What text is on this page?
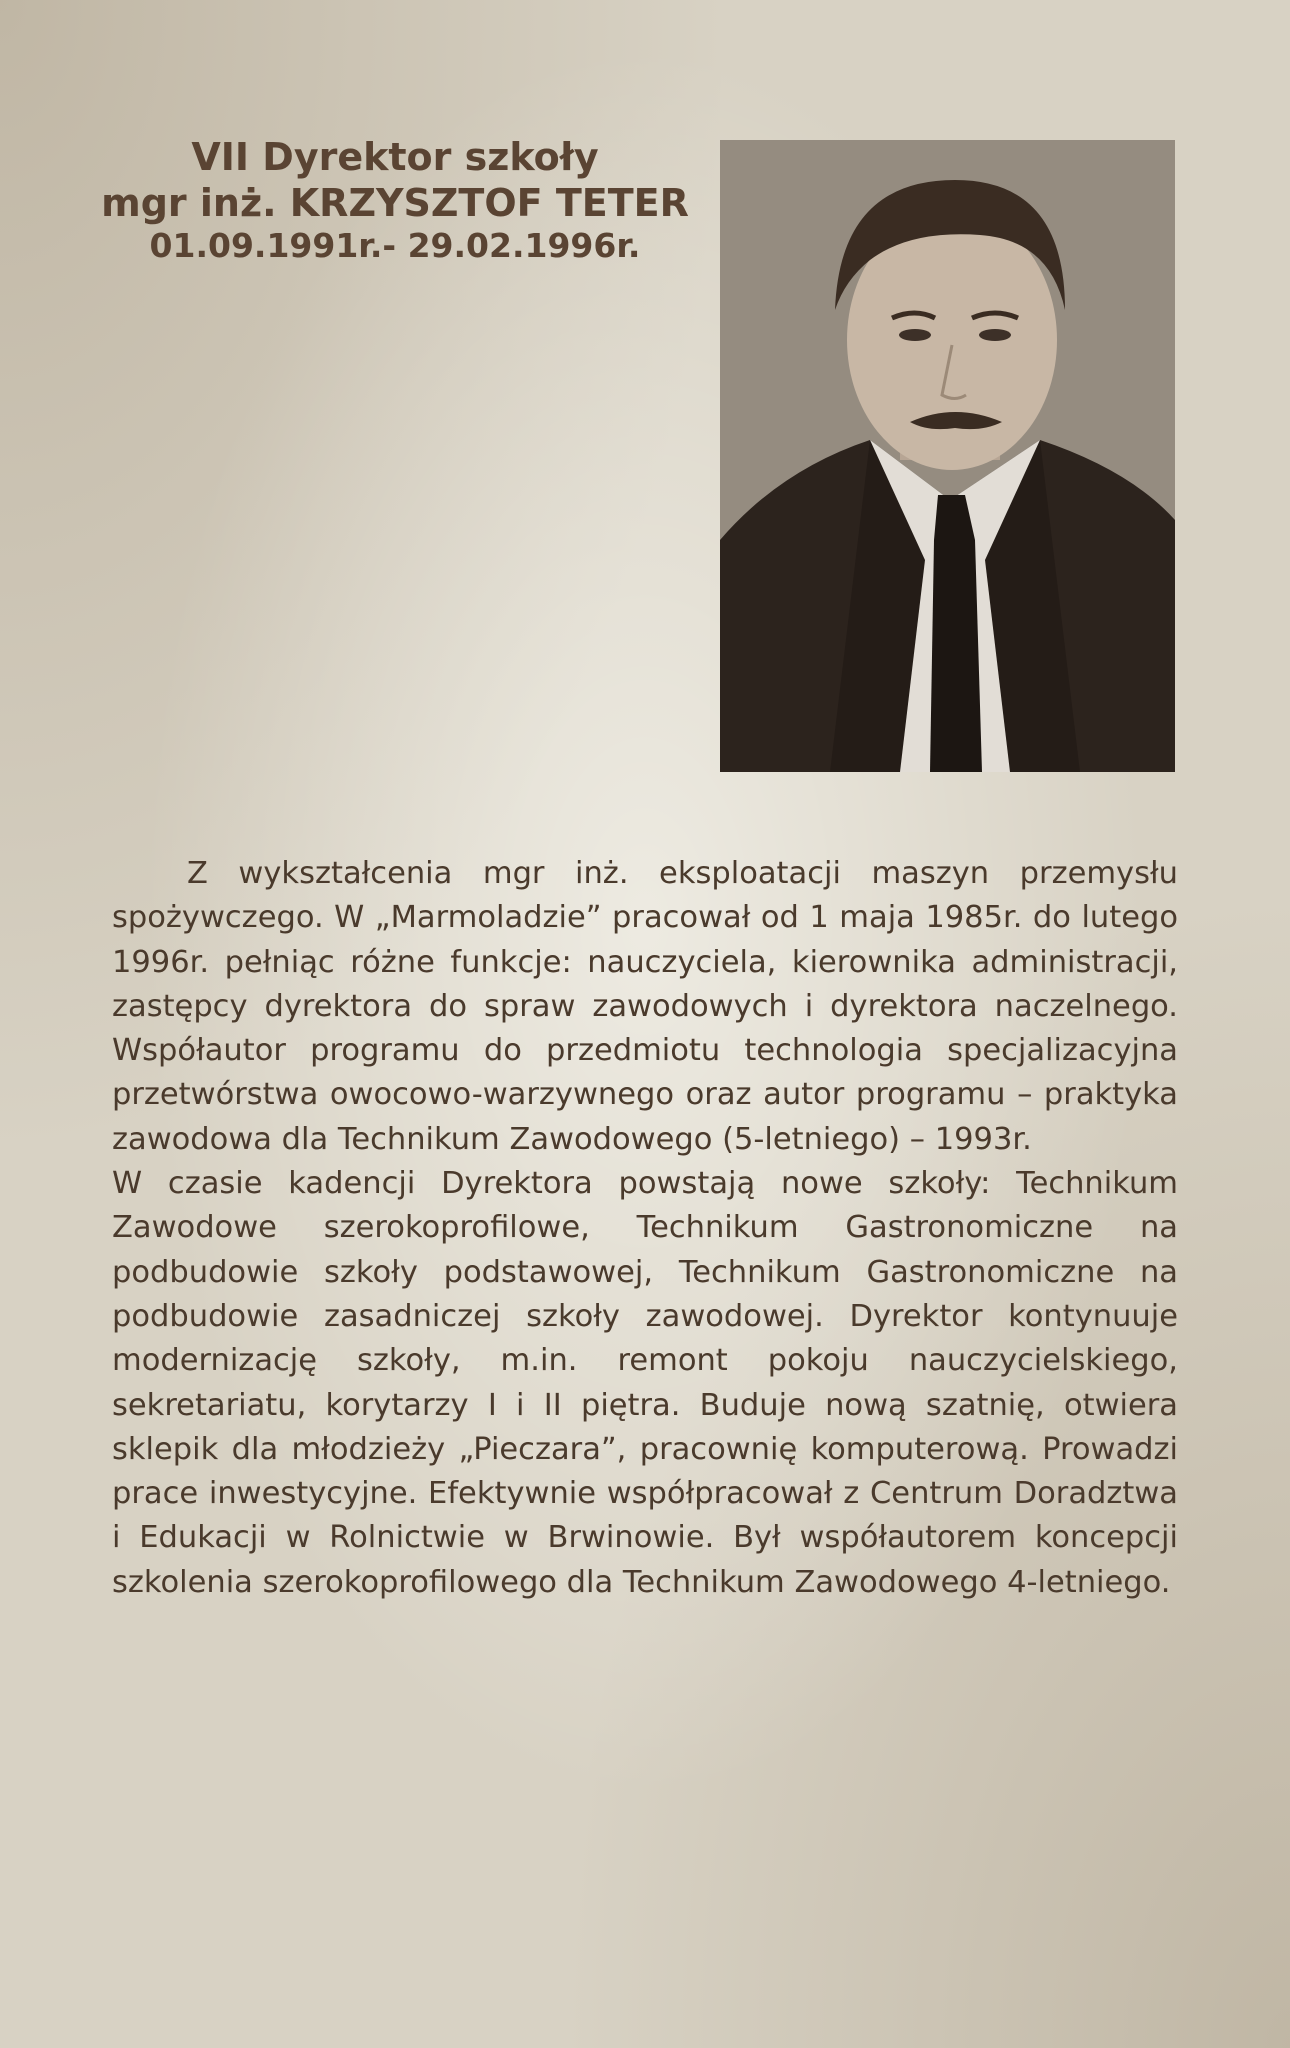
VII Dyrektor szkoły
mgr inż. KRZYSZTOF TETER
01.09.1991r.- 29.02.1996r.

Z wykształcenia mgr inż. eksploatacji maszyn przemysłu spożywczego. W „Marmoladzie” pracował od 1 maja 1985r. do lutego 1996r. pełniąc różne funkcje: nauczyciela, kierownika administracji, zastępcy dyrektora do spraw zawodowych i dyrektora naczelnego. Współautor programu do przedmiotu technologia specjalizacyjna przetwórstwa owocowo-warzywnego oraz autor programu – praktyka zawodowa dla Technikum Zawodowego (5-letniego) – 1993r.

W czasie kadencji Dyrektora powstają nowe szkoły: Technikum Zawodowe szerokoprofilowe, Technikum Gastronomiczne na podbudowie szkoły podstawowej, Technikum Gastronomiczne na podbudowie zasadniczej szkoły zawodowej. Dyrektor kontynuuje modernizację szkoły, m.in. remont pokoju nauczycielskiego, sekretariatu, korytarzy I i II piętra. Buduje nową szatnię, otwiera sklepik dla młodzieży „Pieczara”, pracownię komputerową. Prowadzi prace inwestycyjne. Efektywnie współpracował z Centrum Doradztwa i Edukacji w Rolnictwie w Brwinowie. Był współautorem koncepcji szkolenia szerokoprofilowego dla Technikum Zawodowego 4-letniego.
